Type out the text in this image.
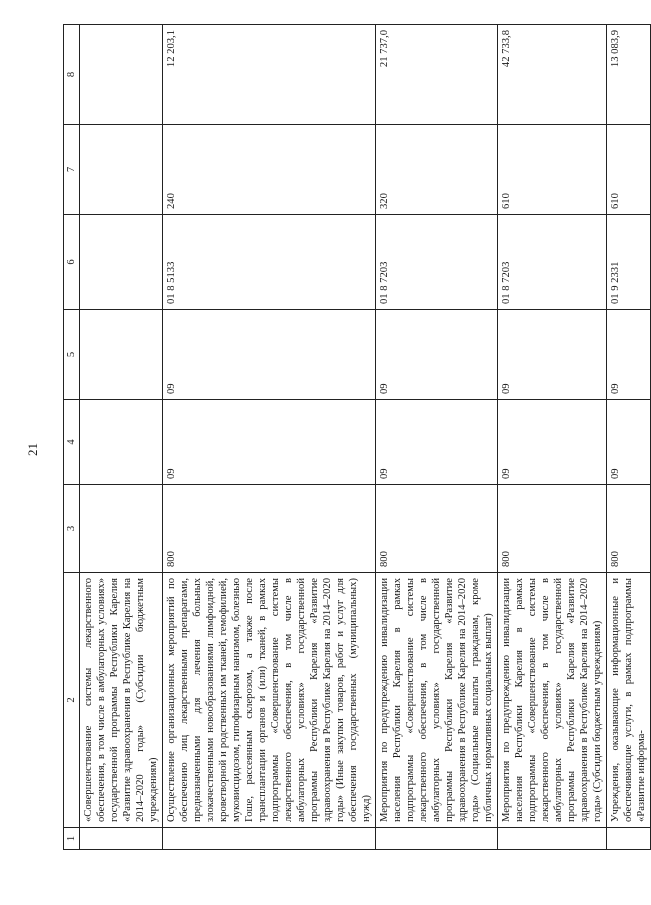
21
1	2	3	4	5	6	7	8
	«Совершенствование системы лекарственного обеспечения, в том числе в амбулаторных условиях» государственной программы Республики Карелия «Развитие здравоохранения в Республике Карелия на 2014–2020 годы» (Субсидии бюджетным учреждениям)						
	Осуществление организационных мероприятий по обеспечению лиц лекарственными препаратами, предназначенными для лечения больных злокачественными новообразованиями лимфоидной, кроветворной и родственных им тканей, гемофилией, муковисцидозом, гипофизарным нанизмом, болезнью Гоше, рассеянным склерозом, а также после трансплантации органов и (или) тканей, в рамках подпрограммы «Совершенствование системы лекарственного обеспечения, в том числе в амбулаторных условиях» государственной программы Республики Карелия «Развитие здравоохранения в Республике Карелия на 2014–2020 годы» (Иные закупки товаров, работ и услуг для обеспечения государственных (муниципальных) нужд)	800	09	09	01 8 5133	240	12 203,1
	Мероприятия по предупреждению инвалидизации населения Республики Карелия в рамках подпрограммы «Совершенствование системы лекарственного обеспечения, в том числе в амбулаторных условиях» государственной программы Республики Карелия «Развитие здравоохранения в Республике Карелия на 2014–2020 годы» (Социальные выплаты гражданам, кроме публичных нормативных социальных выплат)	800	09	09	01 8 7203	320	21 737,0
	Мероприятия по предупреждению инвалидизации населения Республики Карелия в рамках подпрограммы «Совершенствование системы лекарственного обеспечения, в том числе в амбулаторных условиях» государственной программы Республики Карелия «Развитие здравоохранения в Республике Карелия на 2014–2020 годы» (Субсидии бюджетным учреждениям)	800	09	09	01 8 7203	610	42 733,8
	Учреждения, оказывающие информационные и обеспечивающие услуги, в рамках подпрограммы «Развитие информа-	800	09	09	01 9 2331	610	13 083,9
